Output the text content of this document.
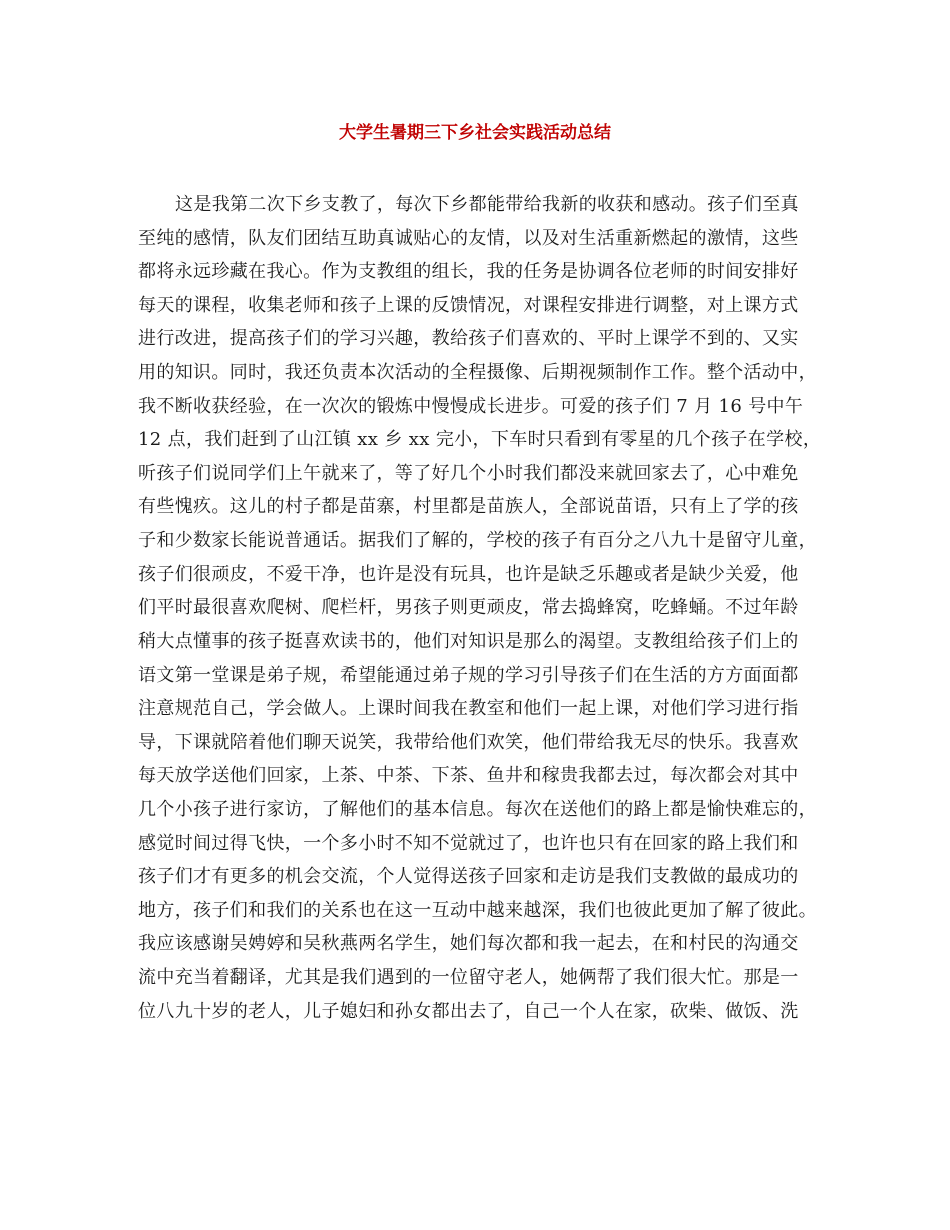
大学生暑期三下乡社会实践活动总结
这是我第二次下乡支教了，每次下乡都能带给我新的收获和感动。孩子们至真
至纯的感情，队友们团结互助真诚贴心的友情，以及对生活重新燃起的激情，这些
都将永远珍藏在我心。作为支教组的组长，我的任务是协调各位老师的时间安排好
每天的课程，收集老师和孩子上课的反馈情况，对课程安排进行调整，对上课方式
进行改进，提高孩子们的学习兴趣，教给孩子们喜欢的、平时上课学不到的、又实
用的知识。同时，我还负责本次活动的全程摄像、后期视频制作工作。整个活动中，
我不断收获经验，在一次次的锻炼中慢慢成长进步。可爱的孩子们 7 月 16 号中午
12 点，我们赶到了山江镇 xx 乡 xx 完小，下车时只看到有零星的几个孩子在学校，
听孩子们说同学们上午就来了，等了好几个小时我们都没来就回家去了，心中难免
有些愧疚。这儿的村子都是苗寨，村里都是苗族人，全部说苗语，只有上了学的孩
子和少数家长能说普通话。据我们了解的，学校的孩子有百分之八九十是留守儿童，
孩子们很顽皮，不爱干净，也许是没有玩具，也许是缺乏乐趣或者是缺少关爱，他
们平时最很喜欢爬树、爬栏杆，男孩子则更顽皮，常去捣蜂窝，吃蜂蛹。不过年龄
稍大点懂事的孩子挺喜欢读书的，他们对知识是那么的渴望。支教组给孩子们上的
语文第一堂课是弟子规，希望能通过弟子规的学习引导孩子们在生活的方方面面都
注意规范自己，学会做人。上课时间我在教室和他们一起上课，对他们学习进行指
导，下课就陪着他们聊天说笑，我带给他们欢笑，他们带给我无尽的快乐。我喜欢
每天放学送他们回家，上茶、中茶、下茶、鱼井和稼贵我都去过，每次都会对其中
几个小孩子进行家访，了解他们的基本信息。每次在送他们的路上都是愉快难忘的，
感觉时间过得飞快，一个多小时不知不觉就过了，也许也只有在回家的路上我们和
孩子们才有更多的机会交流，个人觉得送孩子回家和走访是我们支教做的最成功的
地方，孩子们和我们的关系也在这一互动中越来越深，我们也彼此更加了解了彼此。
我应该感谢吴娉婷和吴秋燕两名学生，她们每次都和我一起去，在和村民的沟通交
流中充当着翻译，尤其是我们遇到的一位留守老人，她俩帮了我们很大忙。那是一
位八九十岁的老人，儿子媳妇和孙女都出去了，自己一个人在家，砍柴、做饭、洗
